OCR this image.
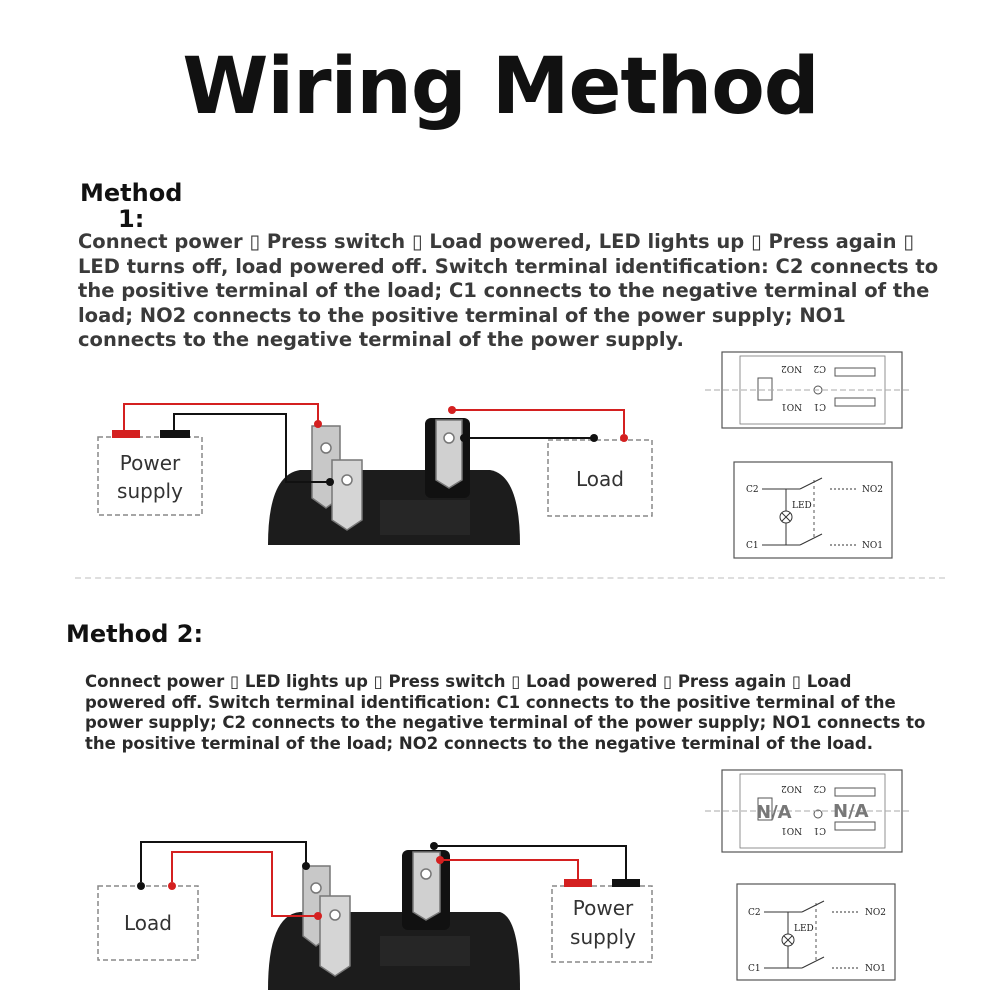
Wiring Method
Method
1:
Connect power ▯ Press switch ▯ Load powered, LED lights up ▯ Press again ▯ LED turns off, load powered off. Switch terminal identification: C2 connects to the positive terminal of the load; C1 connects to the negative terminal of the load; NO2 connects to the positive terminal of the power supply; NO1 connects to the negative terminal of the power supply.
Method 2:
Connect power ▯ LED lights up ▯ Press switch ▯ Load powered ▯ Press again ▯ Load powered off. Switch terminal identification: C1 connects to the positive terminal of the power supply; C2 connects to the negative terminal of the power supply; NO1 connects to the positive terminal of the load; NO2 connects to the negative terminal of the load.
Power
supply	Load
NO2 C2
NO1 C1
C2
C1
NO2
NO1
LED
Load
Power
supply
NO2 C2
NO1 C1
N/A N/A
C2
C1
NO2
NO1
LED
